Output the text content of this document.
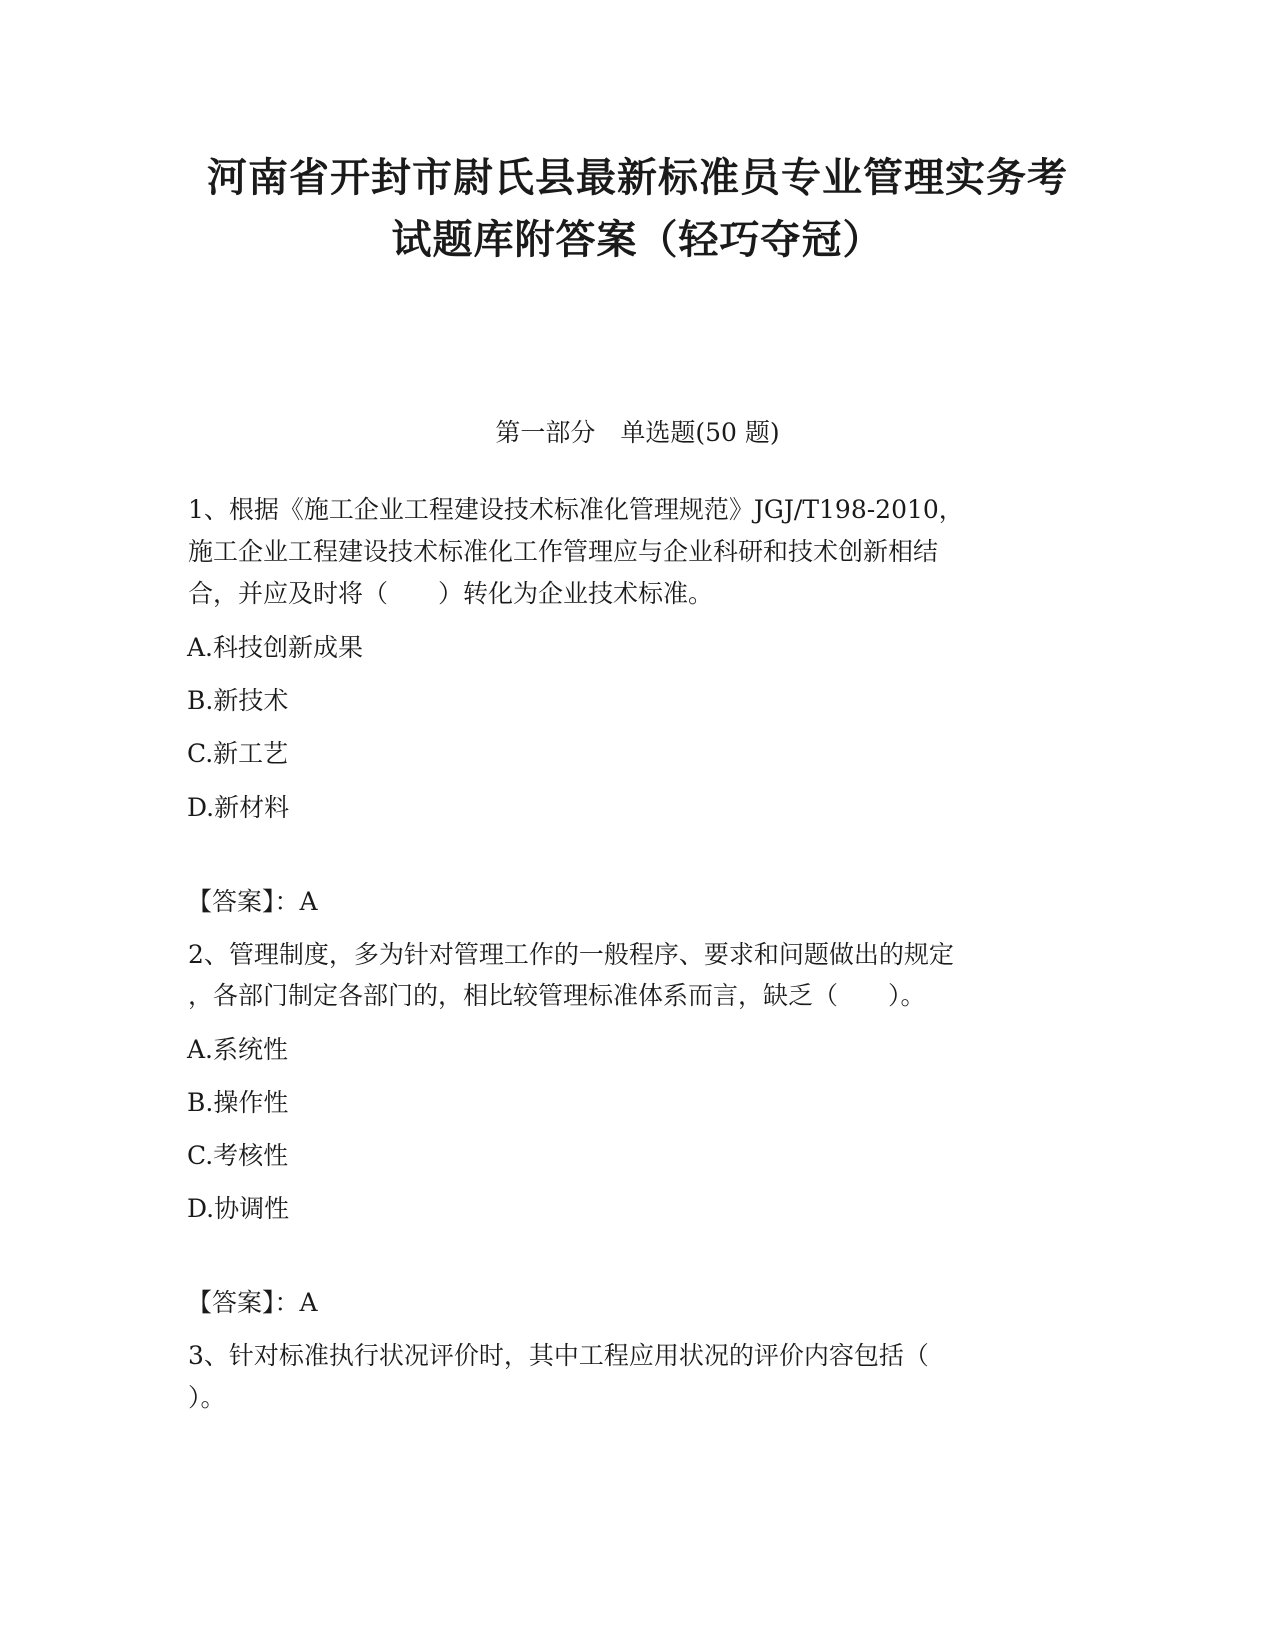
河南省开封市尉氏县最新标准员专业管理实务考
试题库附答案（轻巧夺冠）
第一部分　单选题(50 题)
1、根据《施工企业工程建设技术标准化管理规范》JGJ/T198-2010，
施工企业工程建设技术标准化工作管理应与企业科研和技术创新相结
合，并应及时将（　　）转化为企业技术标准。
A.科技创新成果
B.新技术
C.新工艺
D.新材料
【答案】：A
2、管理制度，多为针对管理工作的一般程序、要求和问题做出的规定
，各部门制定各部门的，相比较管理标准体系而言，缺乏（　　）。
A.系统性
B.操作性
C.考核性
D.协调性
【答案】：A
3、针对标准执行状况评价时，其中工程应用状况的评价内容包括（
）。
